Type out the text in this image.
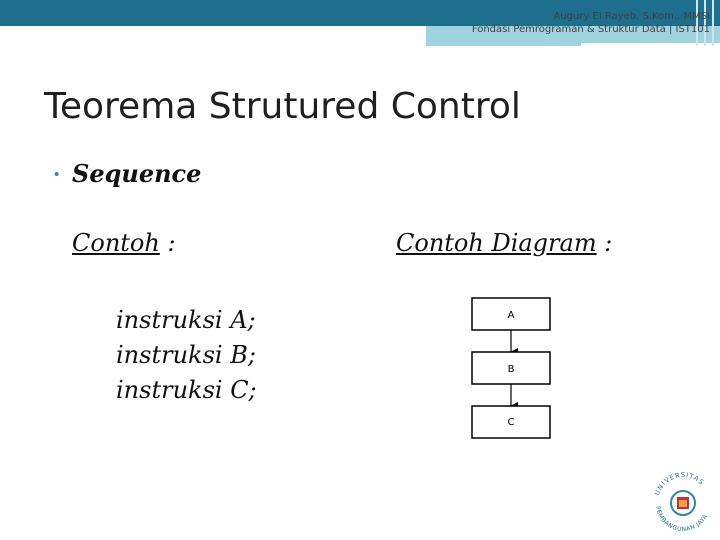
Augury El Rayeb, S.Kom., MMSI
Fondasi Pemrograman & Struktur Data | IST101
Teorema Strutured Control
• Sequence
Contoh :	Contoh Diagram :
instruksi A;
instruksi B;
instruksi C;
A
B
C
UNIVERSITAS
PEMBANGUNAN JAYA
